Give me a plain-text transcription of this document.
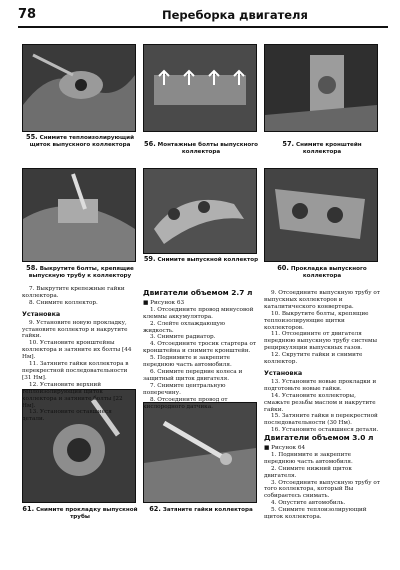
78	Переборка двигателя
55. Снимите теплоизолирующий щиток выпускного коллектора	56. Монтажные болты выпускного коллектора
57. Снимите кронштейн коллектора
58. Выкрутите болты, крепящие выпускную трубу к коллектору
59. Снимите выпускной коллектор
60. Прокладка выпускного коллектора
61. Снимите прокладку выпускной трубы
62. Затяните гайки коллектора

7. Выкрутите крепежные гайки коллектора.

8. Снимите коллектор.

Установка

9. Установите новую прокладку, установите коллектор и накрутите гайки.

10. Установите кронштейны коллектора и затяните их болты [44 Нм].

11. Затяните гайки коллектора в перекрестной последовательности [31 Нм].

12. Установите верхний теплоизолирующий щиток коллектора и затяните болты [22 Нм].

13. Установите оставшиеся детали.

Двигатели объемом 2.7 л

■ Рисунок 63

1. Отсоедините провод минусовой клеммы аккумулятора.

2. Слейте охлаждающую жидкость.

3. Снимите радиатор.

4. Отсоедините тросик стартера от кронштейна и снимите кронштейн.

5. Поднимите и закрепите переднюю часть автомобиля.

6. Снимите передние колеса и защитный щиток двигателя.

7. Снимите центральную поперечину.

8. Отсоедините провод от кислородного датчика.

9. Отсоедините выпускную трубу от выпускных коллекторов и каталитического конвертера.

10. Выкрутите болты, крепящие теплоизолирующие щитки коллекторов.

11. Отсоедините от двигателя переднюю выпускную трубу системы рециркуляции выпускных газов.

12. Скрутите гайки и снимите коллектор.

Установка

13. Установите новые прокладки и подготовьте новые гайки.

14. Установите коллекторы, смажьте резьбы маслом и накрутите гайки.

15. Затяните гайки в перекрестной последовательности (30 Нм).

16. Установите оставшиеся детали.

Двигатели объемом 3.0 л

■ Рисунок 64

1. Поднимите и закрепите переднюю часть автомобиля.

2. Снимите нижний щиток двигателя.

3. Отсоедините выпускную трубу от того коллектора, который Вы собираетесь снимать.

4. Опустите автомобиль.

5. Снимите теплоизолирующий щиток коллектора.
